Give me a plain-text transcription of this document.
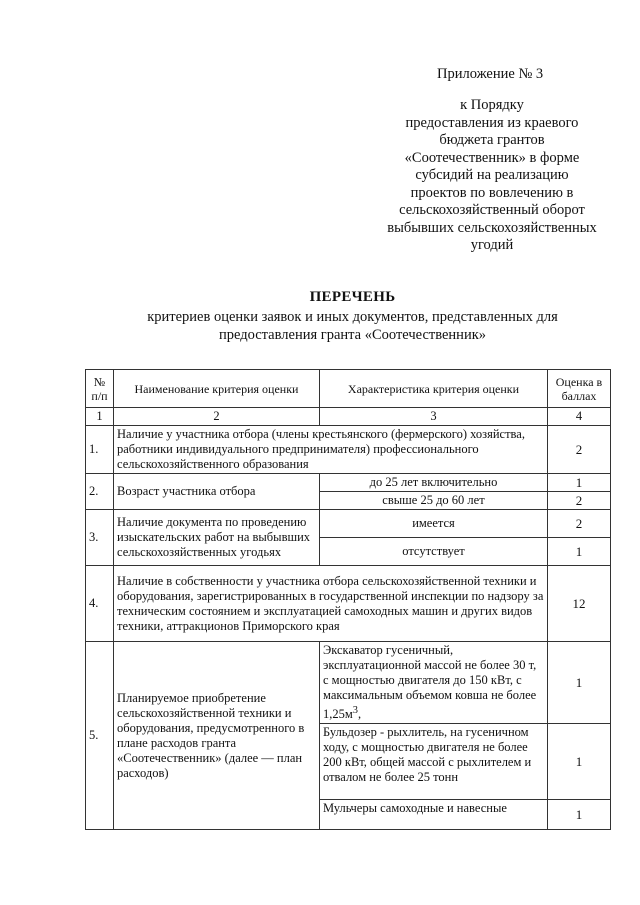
Приложение № 3
к Порядку
предоставления из краевого
бюджета грантов
«Соотечественник» в форме
субсидий на реализацию
проектов по вовлечению в
сельскохозяйственный оборот
выбывших сельскохозяйственных
угодий
ПЕРЕЧЕНЬ
критериев оценки заявок и иных документов, представленных для
предоставления гранта «Соотечественник»
№ п/п	Наименование критерия оценки	Характеристика критерия оценки	Оценка в баллах
1	2	3	4
1.	Наличие у участника отбора (члены крестьянского (фермерского) хозяйства, работники индивидуального предпринимателя) профессионального сельскохозяйственного образования		2
2.	Возраст участника отбора	до 25 лет включительно	1
		свыше 25 до 60 лет	2
3.	Наличие документа по проведению изыскательских работ на выбывших сельскохозяйственных угодьях	имеется	2
		отсутствует	1
4.	Наличие в собственности у участника отбора сельскохозяйственной техники и оборудования, зарегистрированных в государственной инспекции по надзору за техническим состоянием и эксплуатацией самоходных машин и других видов техники, аттракционов Приморского края		12
5.	Планируемое приобретение сельскохозяйственной техники и оборудования, предусмотренного в плане расходов гранта «Соотечественник» (далее — план расходов)	Экскаватор гусеничный, эксплуатационной массой не более 30 т, с мощностью двигателя до 150 кВт, с максимальным объемом ковша не более $1,25м^3$,	1
		Бульдозер - рыхлитель, на гусеничном ходу, с мощностью двигателя не более 200 кВт, общей массой с рыхлителем и отвалом не более 25 тонн	1
		Мульчеры самоходные и навесные	1
